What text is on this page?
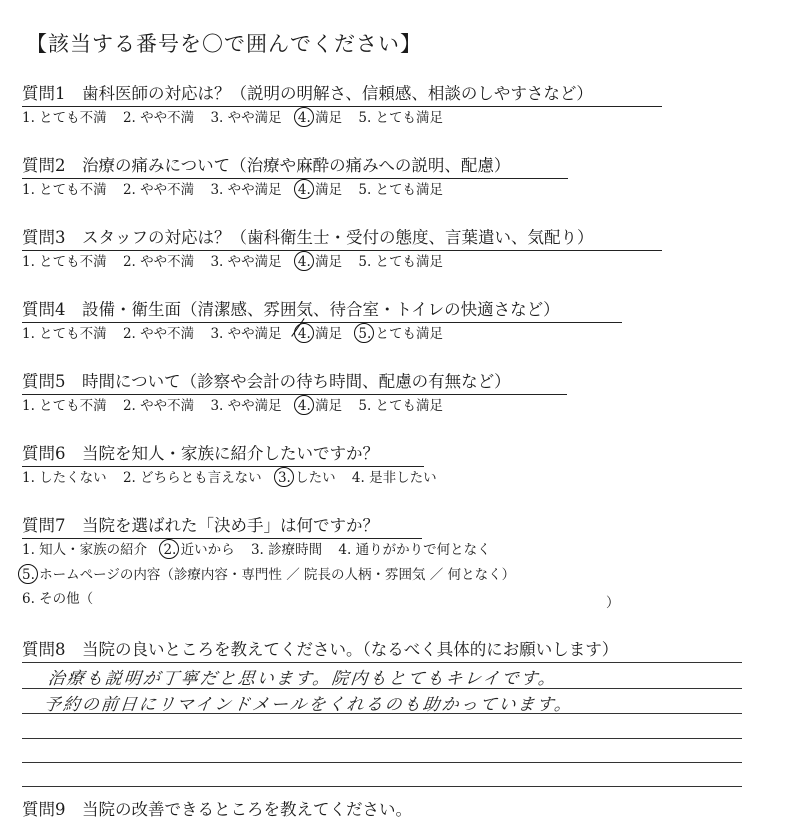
【該当する番号を〇で囲んでください】
質問1　歯科医師の対応は？（説明の明解さ、信頼感、相談のしやすさなど）
1. とても不満 2. やや不満 3. やや満足 4. 満足 5. とても満足
質問2　治療の痛みについて（治療や麻酔の痛みへの説明、配慮）
1. とても不満 2. やや不満 3. やや満足 4. 満足 5. とても満足
質問3　スタッフの対応は？（歯科衛生士・受付の態度、言葉遣い、気配り）
1. とても不満 2. やや不満 3. やや満足 4. 満足 5. とても満足
質問4　設備・衛生面（清潔感、雰囲気、待合室・トイレの快適さなど）
1. とても不満 2. やや不満 3. やや満足 4. 満足 5. とても満足
質問5　時間について（診察や会計の待ち時間、配慮の有無など）
1. とても不満 2. やや不満 3. やや満足 4. 満足 5. とても満足
質問6　当院を知人・家族に紹介したいですか？
1. したくない 2. どちらとも言えない 3. したい 4. 是非したい
質問7　当院を選ばれた「決め手」は何ですか？
1. 知人・家族の紹介 2. 近いから 3. 診療時間 4. 通りがかりで何となく
5. ホームページの内容（診療内容・専門性 ／ 院長の人柄・雰囲気 ／ 何となく）
6. その他（	）
質問8　当院の良いところを教えてください。（なるべく具体的にお願いします）
治療も説明が丁寧だと思います。院内もとてもキレイです。
予約の前日にリマインドメールをくれるのも助かっています。
質問9　当院の改善できるところを教えてください。
